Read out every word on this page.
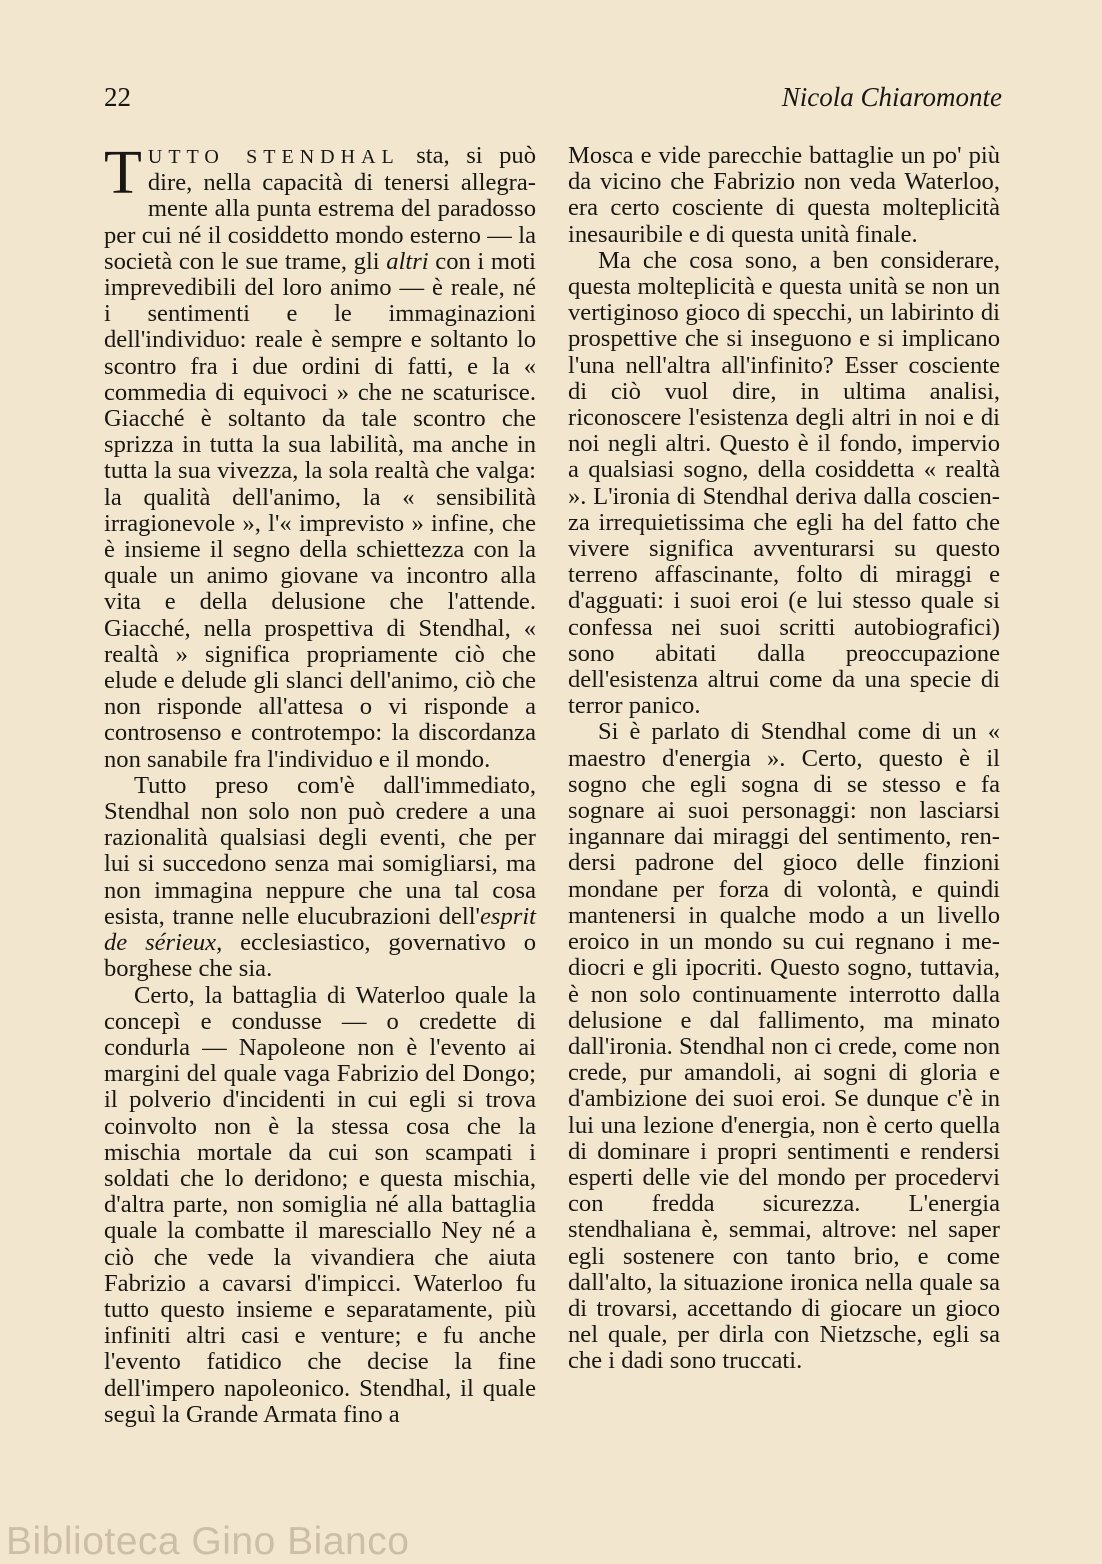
22	Nicola Chiaromonte

TUTTO STENDHAL sta, si può dire, nella capacità di tenersi allegramente alla punta estrema del paradosso per cui né il cosiddetto mondo esterno — la società con le sue trame, gli altri con i moti imprevedibili del loro animo — è reale, né i sentimenti e le immaginazioni dell'individuo: reale è sempre e soltanto lo scontro fra i due ordini di fatti, e la « commedia di equivoci » che ne scaturisce. Giacché è soltanto da tale scontro che sprizza in tutta la sua labilità, ma anche in tutta la sua vivezza, la sola realtà che valga: la qualità dell'animo, la « sensibilità irragionevole », l'« imprevisto » infine, che è insieme il segno della schiettezza con la quale un animo giovane va incontro alla vita e della delusione che l'attende. Giacché, nella prospettiva di Stendhal, « realtà » significa propriamente ciò che elude e delude gli slanci dell'animo, ciò che non risponde all'attesa o vi risponde a controsenso e controtempo: la discordanza non sanabile fra l'individuo e il mondo.

Tutto preso com'è dall'immediato, Stendhal non solo non può credere a una razionalità qualsiasi degli eventi, che per lui si succedono senza mai somigliarsi, ma non immagina neppure che una tal cosa esista, tranne nelle elucubrazioni dell'esprit de sérieux, ecclesiastico, governativo o borghese che sia.

Certo, la battaglia di Waterloo quale la concepì e condusse — o credette di condurla — Napoleone non è l'evento ai margini del quale vaga Fabrizio del Dongo; il polverio d'incidenti in cui egli si trova coinvolto non è la stessa cosa che la mischia mortale da cui son scampati i soldati che lo deridono; e questa mischia, d'altra parte, non somiglia né alla battaglia quale la combatte il maresciallo Ney né a ciò che vede la vivandiera che aiuta Fabrizio a cavarsi d'impicci. Waterloo fu tutto questo insieme e separatamente, più infiniti altri casi e venture; e fu anche l'evento fatidico che decise la fine dell'impero napoleonico. Stendhal, il quale seguì la Grande Armata fino a

Mosca e vide parecchie battaglie un po' più da vicino che Fabrizio non veda Waterloo, era certo cosciente di questa molteplicità inesauribile e di questa unità finale.

Ma che cosa sono, a ben considerare, questa molteplicità e questa unità se non un vertiginoso gioco di specchi, un labirinto di prospettive che si inseguono e si implicano l'una nell'altra all'infinito? Esser cosciente di ciò vuol dire, in ultima analisi, riconoscere l'esistenza degli altri in noi e di noi negli altri. Questo è il fondo, impervio a qualsiasi sogno, della cosiddetta « realtà ». L'ironia di Stendhal deriva dalla coscienza irrequietissima che egli ha del fatto che vivere significa avventurarsi su questo terreno affascinante, folto di miraggi e d'agguati: i suoi eroi (e lui stesso quale si confessa nei suoi scritti autobiografici) sono abitati dalla preoccupazione dell'esistenza altrui come da una specie di terror panico.

Si è parlato di Stendhal come di un « maestro d'energia ». Certo, questo è il sogno che egli sogna di se stesso e fa sognare ai suoi personaggi: non lasciarsi ingannare dai miraggi del sentimento, rendersi padrone del gioco delle finzioni mondane per forza di volontà, e quindi mantenersi in qualche modo a un livello eroico in un mondo su cui regnano i mediocri e gli ipocriti. Questo sogno, tuttavia, è non solo continuamente interrotto dalla delusione e dal fallimento, ma minato dall'ironia. Stendhal non ci crede, come non crede, pur amandoli, ai sogni di gloria e d'ambizione dei suoi eroi. Se dunque c'è in lui una lezione d'energia, non è certo quella di dominare i propri sentimenti e rendersi esperti delle vie del mondo per procedervi con fredda sicurezza. L'energia stendhaliana è, semmai, altrove: nel saper egli sostenere con tanto brio, e come dall'alto, la situazione ironica nella quale sa di trovarsi, accettando di giocare un gioco nel quale, per dirla con Nietzsche, egli sa che i dadi sono truccati.

Biblioteca Gino Bianco
